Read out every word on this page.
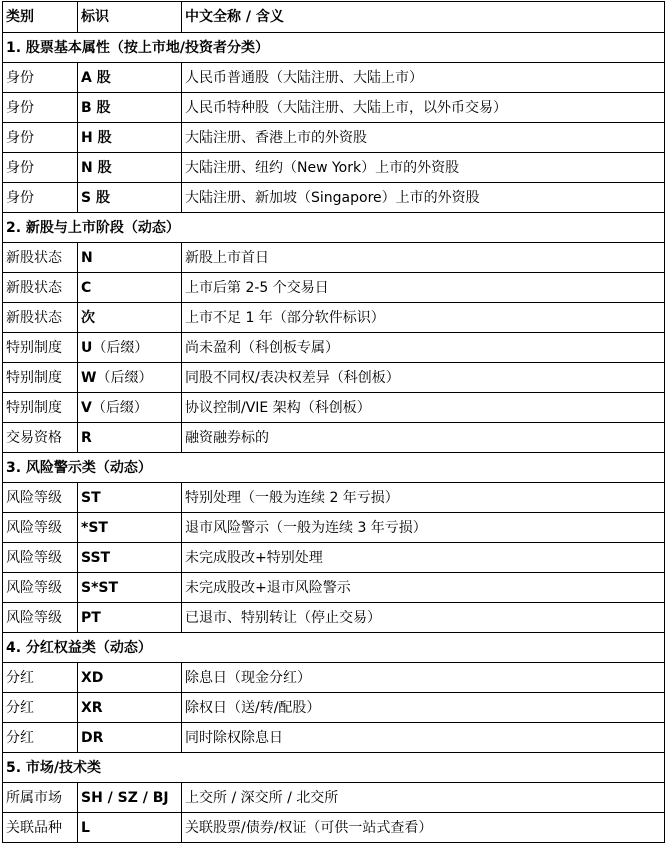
类别	标识	中文全称 / 含义
1. 股票基本属性（按上市地/投资者分类）		
身份	A 股	人民币普通股（大陆注册、大陆上市）
身份	B 股	人民币特种股（大陆注册、大陆上市，以外币交易）
身份	H 股	大陆注册、香港上市的外资股
身份	N 股	大陆注册、纽约（New York）上市的外资股
身份	S 股	大陆注册、新加坡（Singapore）上市的外资股
2. 新股与上市阶段（动态）		
新股状态	N	新股上市首日
新股状态	C	上市后第 2-5 个交易日
新股状态	次	上市不足 1 年（部分软件标识）
特别制度	U（后缀）	尚未盈利（科创板专属）
特别制度	W（后缀）	同股不同权/表决权差异（科创板）
特别制度	V（后缀）	协议控制/VIE 架构（科创板）
交易资格	R	融资融券标的
3. 风险警示类（动态）		
风险等级	ST	特别处理（一般为连续 2 年亏损）
风险等级	*ST	退市风险警示（一般为连续 3 年亏损）
风险等级	SST	未完成股改+特别处理
风险等级	S*ST	未完成股改+退市风险警示
风险等级	PT	已退市、特别转让（停止交易）
4. 分红权益类（动态）		
分红	XD	除息日（现金分红）
分红	XR	除权日（送/转/配股）
分红	DR	同时除权除息日
5. 市场/技术类		
所属市场	SH / SZ / BJ	上交所 / 深交所 / 北交所
关联品种	L	关联股票/债券/权证（可供一站式查看）
